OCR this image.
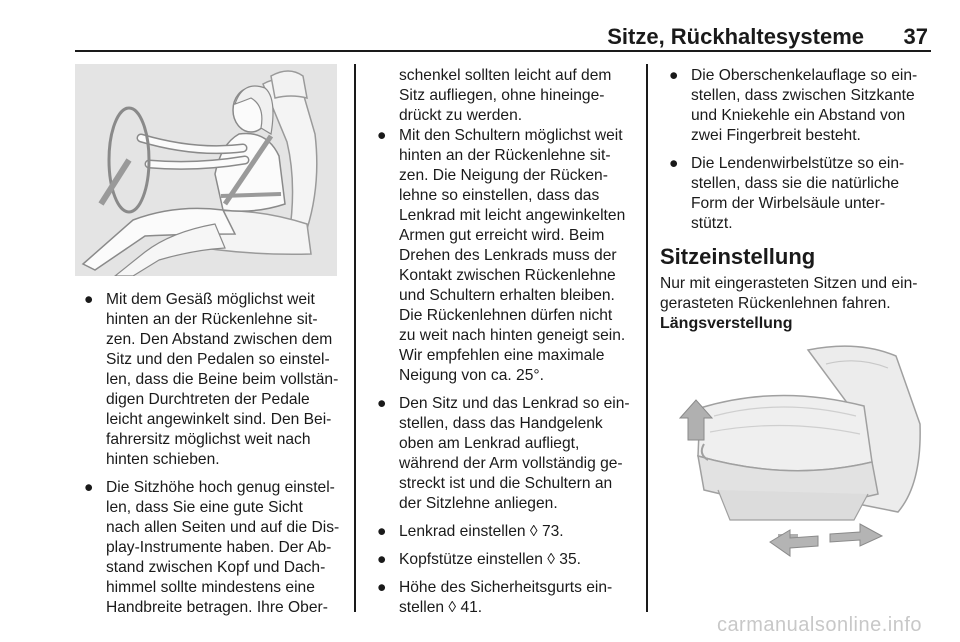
Sitze, Rückhaltesysteme 37
● Mit dem Gesäß möglichst weit
hinten an der Rückenlehne sit-
zen. Den Abstand zwischen dem
Sitz und den Pedalen so einstel-
len, dass die Beine beim vollstän-
digen Durchtreten der Pedale
leicht angewinkelt sind. Den Bei-
fahrersitz möglichst weit nach
hinten schieben.

● Die Sitzhöhe hoch genug einstel-
len, dass Sie eine gute Sicht
nach allen Seiten und auf die Dis-
play-Instrumente haben. Der Ab-
stand zwischen Kopf und Dach-
himmel sollte mindestens eine
Handbreite betragen. Ihre Ober-

schenkel sollten leicht auf dem
Sitz aufliegen, ohne hineinge-
drückt zu werden.

● Mit den Schultern möglichst weit
hinten an der Rückenlehne sit-
zen. Die Neigung der Rücken-
lehne so einstellen, dass das
Lenkrad mit leicht angewinkelten
Armen gut erreicht wird. Beim
Drehen des Lenkrads muss der
Kontakt zwischen Rückenlehne
und Schultern erhalten bleiben.
Die Rückenlehnen dürfen nicht
zu weit nach hinten geneigt sein.
Wir empfehlen eine maximale
Neigung von ca. 25°.

● Den Sitz und das Lenkrad so ein-
stellen, dass das Handgelenk
oben am Lenkrad aufliegt,
während der Arm vollständig ge-
streckt ist und die Schultern an
der Sitzlehne anliegen.

● Lenkrad einstellen ◊ 73.

● Kopfstütze einstellen ◊ 35.

● Höhe des Sicherheitsgurts ein-
stellen ◊ 41.

● Die Oberschenkelauflage so ein-
stellen, dass zwischen Sitzkante
und Kniekehle ein Abstand von
zwei Fingerbreit besteht.

● Die Lendenwirbelstütze so ein-
stellen, dass sie die natürliche
Form der Wirbelsäule unter-
stützt.

Sitzeinstellung

Nur mit eingerasteten Sitzen und ein-
gerasteten Rückenlehnen fahren.

Längsverstellung
carmanualsonline.info
